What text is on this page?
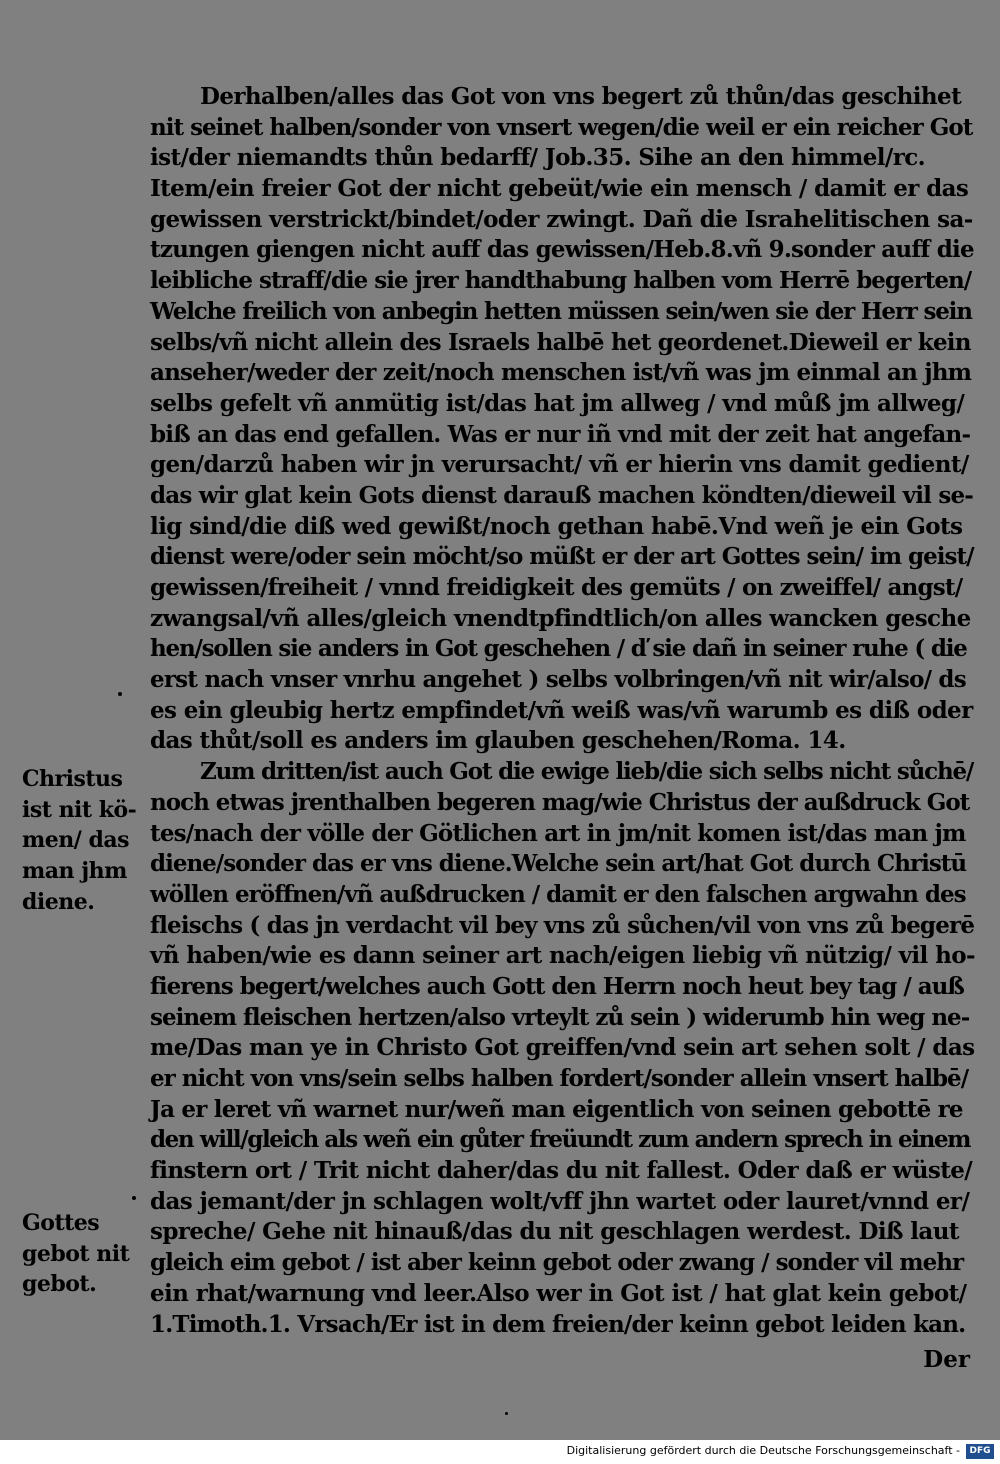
Derhalben/alles das Got von vns begert zů thůn/das geschihet
nit seinet halben/sonder von vnsert wegen/die weil er ein reicher Got
ist/der niemandts thůn bedarff/ Job.35. Sihe an den himmel/rc.
Item/ein freier Got der nicht gebeüt/wie ein mensch / damit er das
gewissen verstrickt/bindet/oder zwingt. Dañ die Israhelitischen sa-
tzungen giengen nicht auff das gewissen/Heb.8.vñ 9.sonder auff die
leibliche straff/die sie jrer handthabung halben vom Herrē begerten/
Welche freilich von anbegin hetten müssen sein/wen sie der Herr sein
selbs/vñ nicht allein des Israels halbē het geordenet.Dieweil er kein
anseher/weder der zeit/noch menschen ist/vñ was jm einmal an jhm
selbs gefelt vñ anmütig ist/das hat jm allweg / vnd můß jm allweg/
biß an das end gefallen. Was er nur iñ vnd mit der zeit hat angefan-
gen/darzů haben wir jn verursacht/ vñ er hierin vns damit gedient/
das wir glat kein Gots dienst darauß machen köndten/dieweil vil se-
lig sind/die diß wed gewißt/noch gethan habē.Vnd weñ je ein Gots
dienst were/oder sein möcht/so müßt er der art Gottes sein/ im geist/
gewissen/freiheit / vnnd freidigkeit des gemüts / on zweiffel/ angst/
zwangsal/vñ alles/gleich vnendtpfindtlich/on alles wancken gesche
hen/sollen sie anders in Got geschehen / ď sie dañ in seiner ruhe ( die
erst nach vnser vnrhu angehet ) selbs volbringen/vñ nit wir/also/ ds
es ein gleubig hertz empfindet/vñ weiß was/vñ warumb es diß oder
das thůt/soll es anders im glauben geschehen/Roma. 14.
Zum dritten/ist auch Got die ewige lieb/die sich selbs nicht sůchē/
noch etwas jrenthalben begeren mag/wie Christus der außdruck Got
tes/nach der völle der Götlichen art in jm/nit komen ist/das man jm
diene/sonder das er vns diene.Welche sein art/hat Got durch Christū
wöllen eröffnen/vñ außdrucken / damit er den falschen argwahn des
fleischs ( das jn verdacht vil bey vns zů sůchen/vil von vns zů begerē
vñ haben/wie es dann seiner art nach/eigen liebig vñ nützig/ vil ho-
fierens begert/welches auch Gott den Herrn noch heut bey tag / auß
seinem fleischen hertzen/also vrteylt zů sein ) widerumb hin weg ne-
me/Das man ye in Christo Got greiffen/vnd sein art sehen solt / das
er nicht von vns/sein selbs halben fordert/sonder allein vnsert halbē/
Ja er leret vñ warnet nur/weñ man eigentlich von seinen gebottē re
den will/gleich als weñ ein gůter freüundt zum andern sprech in einem
finstern ort / Trit nicht daher/das du nit fallest. Oder daß er wüste/
das jemant/der jn schlagen wolt/vff jhn wartet oder lauret/vnnd er/
spreche/ Gehe nit hinauß/das du nit geschlagen werdest. Diß laut
gleich eim gebot / ist aber keinn gebot oder zwang / sonder vil mehr
ein rhat/warnung vnd leer.Also wer in Got ist / hat glat kein gebot/
1.Timoth.1. Vrsach/Er ist in dem freien/der keinn gebot leiden kan.
Christus
ist nit kö-
men/ das
man jhm
diene.
Gottes
gebot nit
gebot.
Der
Digitalisierung gefördert durch die Deutsche Forschungsgemeinschaft -	DFG
